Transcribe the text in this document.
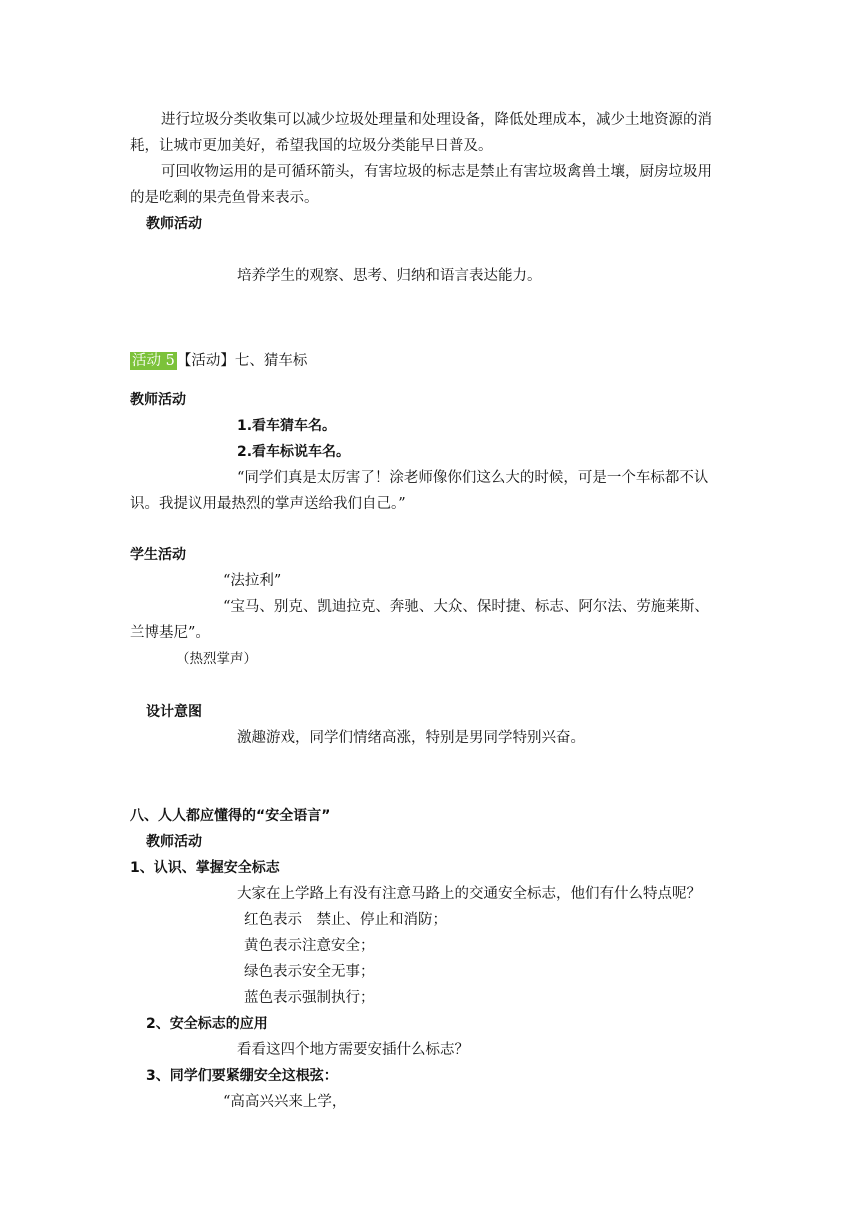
进行垃圾分类收集可以减少垃圾处理量和处理设备，降低处理成本，减少土地资源的消
耗，让城市更加美好，希望我国的垃圾分类能早日普及。
可回收物运用的是可循环箭头，有害垃圾的标志是禁止有害垃圾禽兽土壤，厨房垃圾用
的是吃剩的果壳鱼骨来表示。
教师活动
培养学生的观察、思考、归纳和语言表达能力。
活动 5 【活动】七、猜车标
教师活动
1.看车猜车名。
2.看车标说车名。
“同学们真是太厉害了！涂老师像你们这么大的时候，可是一个车标都不认
识。我提议用最热烈的掌声送给我们自己。”
学生活动
“法拉利”
“宝马、别克、凯迪拉克、奔驰、大众、保时捷、标志、阿尔法、劳施莱斯、
兰博基尼”。
（热烈掌声）
设计意图
激趣游戏，同学们情绪高涨，特别是男同学特别兴奋。
八、人人都应懂得的“安全语言”
教师活动
1、认识、掌握安全标志
大家在上学路上有没有注意马路上的交通安全标志，他们有什么特点呢？
红色表示　禁止、停止和消防；
黄色表示注意安全；
绿色表示安全无事；
蓝色表示强制执行；
2、安全标志的应用
看看这四个地方需要安插什么标志？
3、同学们要紧绷安全这根弦：
“高高兴兴来上学，
